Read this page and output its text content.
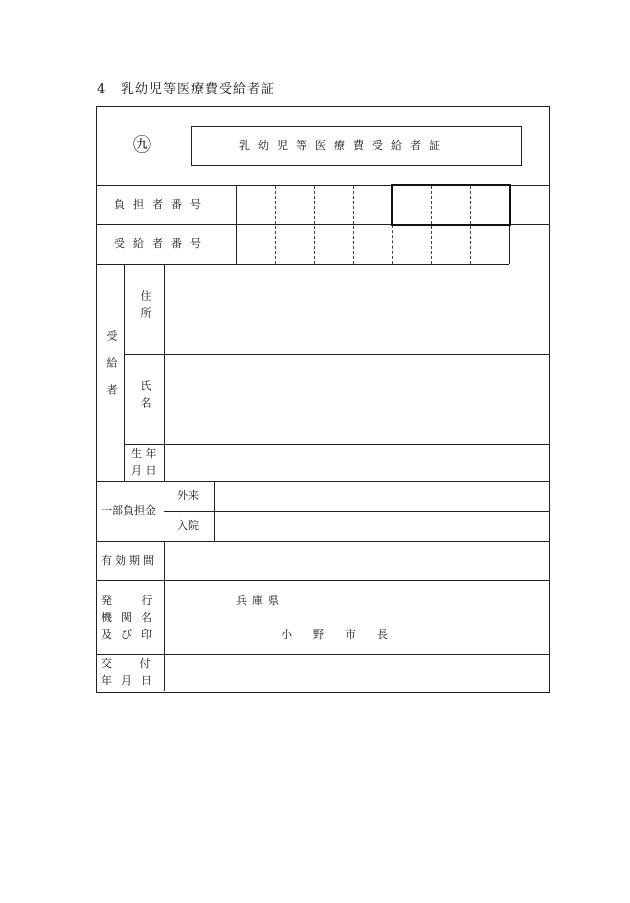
4 乳幼児等医療費受給者証
㊈	乳幼児等医療費受給者証
負担者番号
受給者番号
受給者
住所
氏名
生 年
月 日
一部負担金
外来
入院
有効期間
発 行
機関名
及び印
交 付
年月日
兵庫県
小　野　市　長
